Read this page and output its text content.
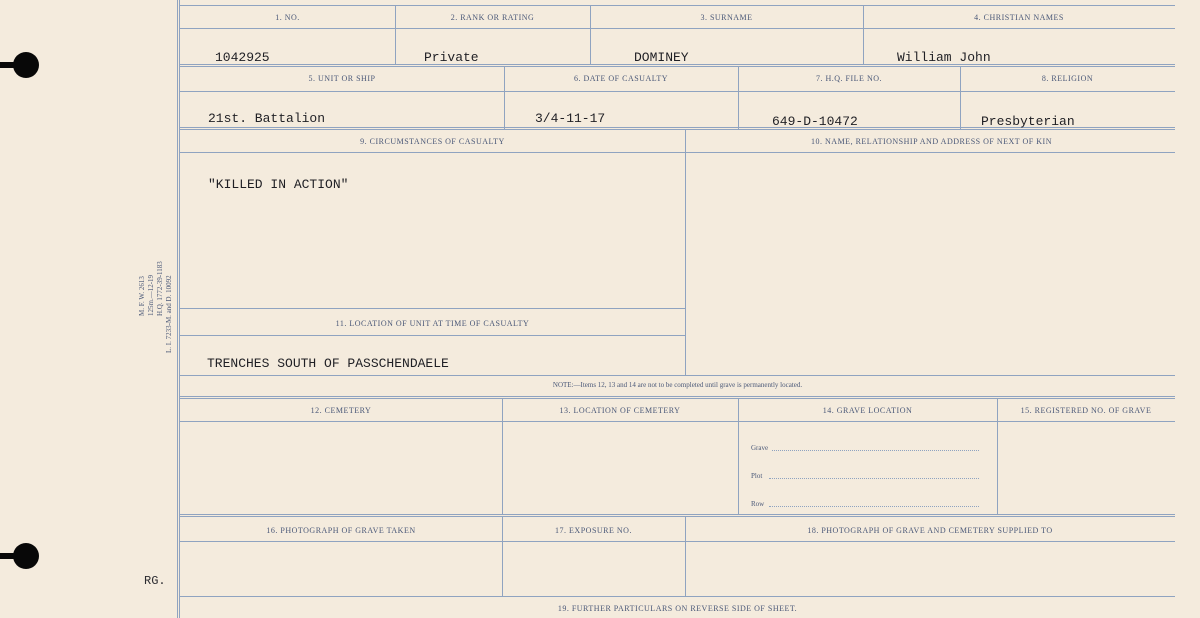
M. F. W. 2613 125m.—12-19 H.Q. 1772-39-1183 L. I. 7233-M. and D. 10092
RG.
1. NO.	2. RANK OR RATING	3. SURNAME	4. CHRISTIAN NAMES
1042925	Private	DOMINEY	William John
5. UNIT OR SHIP	6. DATE OF CASUALTY	7. H.Q. FILE NO.	8. RELIGION
21st. Battalion	3/4-11-17	649-D-10472	Presbyterian
9. CIRCUMSTANCES OF CASUALTY	10. NAME, RELATIONSHIP AND ADDRESS OF NEXT OF KIN
"KILLED IN ACTION"
11. LOCATION OF UNIT AT TIME OF CASUALTY
TRENCHES SOUTH OF PASSCHENDAELE
NOTE:—Items 12, 13 and 14 are not to be completed until grave is permanently located.
12. CEMETERY	13. LOCATION OF CEMETERY	14. GRAVE LOCATION	15. REGISTERED NO. OF GRAVE
Grave
Plot
Row
16. PHOTOGRAPH OF GRAVE TAKEN	17. EXPOSURE NO.	18. PHOTOGRAPH OF GRAVE AND CEMETERY SUPPLIED TO
19. FURTHER PARTICULARS ON REVERSE SIDE OF SHEET.
